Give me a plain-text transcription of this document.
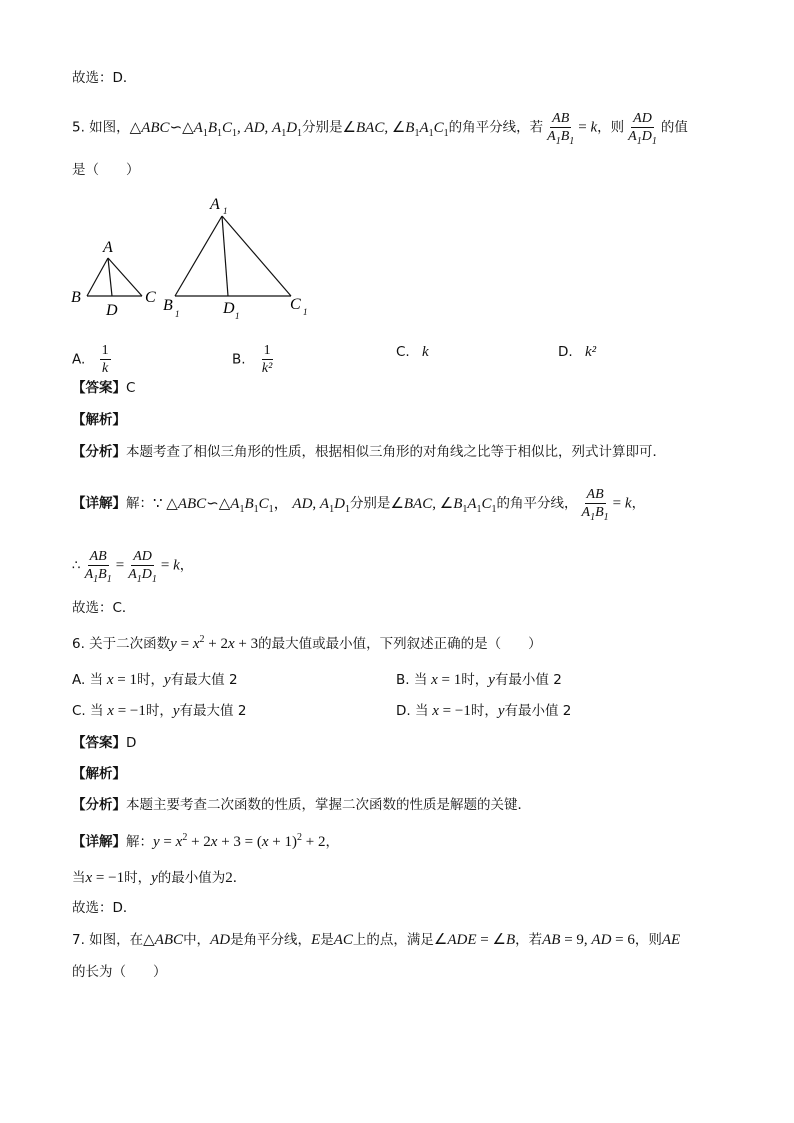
故选：D．
5. 如图，$\triangle ABC∽\triangle A_1B_1C_1$, AD, $A_1D_1$分别是∠BAC, $\angle B_1A_1C_1$的角平分线，若 $\frac{AB}{A_1B_1} = k$，则 $\frac{AD}{A_1D_1}$ 的值
是（　　）
A
B
D
C
A 1
B 1	D 1
C 1
A. $\frac{1}{k}$	B. $\frac{1}{\text{k²}}$	C. k	D. k²
【答案】C
【解析】
【分析】本题考查了相似三角形的性质，根据相似三角形的对角线之比等于相似比，列式计算即可．
【详解】解：∵ $\triangle ABC∽\triangle A_1B_1C_1$， AD, $A_1D_1$分别是∠BAC, $\angle B_1A_1C_1$的角平分线， $\frac{AB}{A_1B_1} = k$，
∴ $\frac{AB}{A_1B_1} = \frac{AD}{A_1D_1} = k$，
故选：C．
6. 关于二次函数$y = x^2 + 2x + 3$的最大值或最小值，下列叙述正确的是（　　）
A. 当 x = 1时，y有最大值 2	B. 当 x = 1时，y有最小值 2
C. 当 x = −1时，y有最大值 2	D. 当 x = −1时，y有最小值 2
【答案】D
【解析】
【分析】本题主要考查二次函数的性质，掌握二次函数的性质是解题的关键．
【详解】解：$y = x^2 + 2x + 3 = (x + 1)^2 + 2$，
当x = −1时，y的最小值为2．
故选：D．
7. 如图，在△ABC中，AD是角平分线，E是AC上的点，满足∠ADE = ∠B，若AB = 9, AD = 6，则AE
的长为（　　）
